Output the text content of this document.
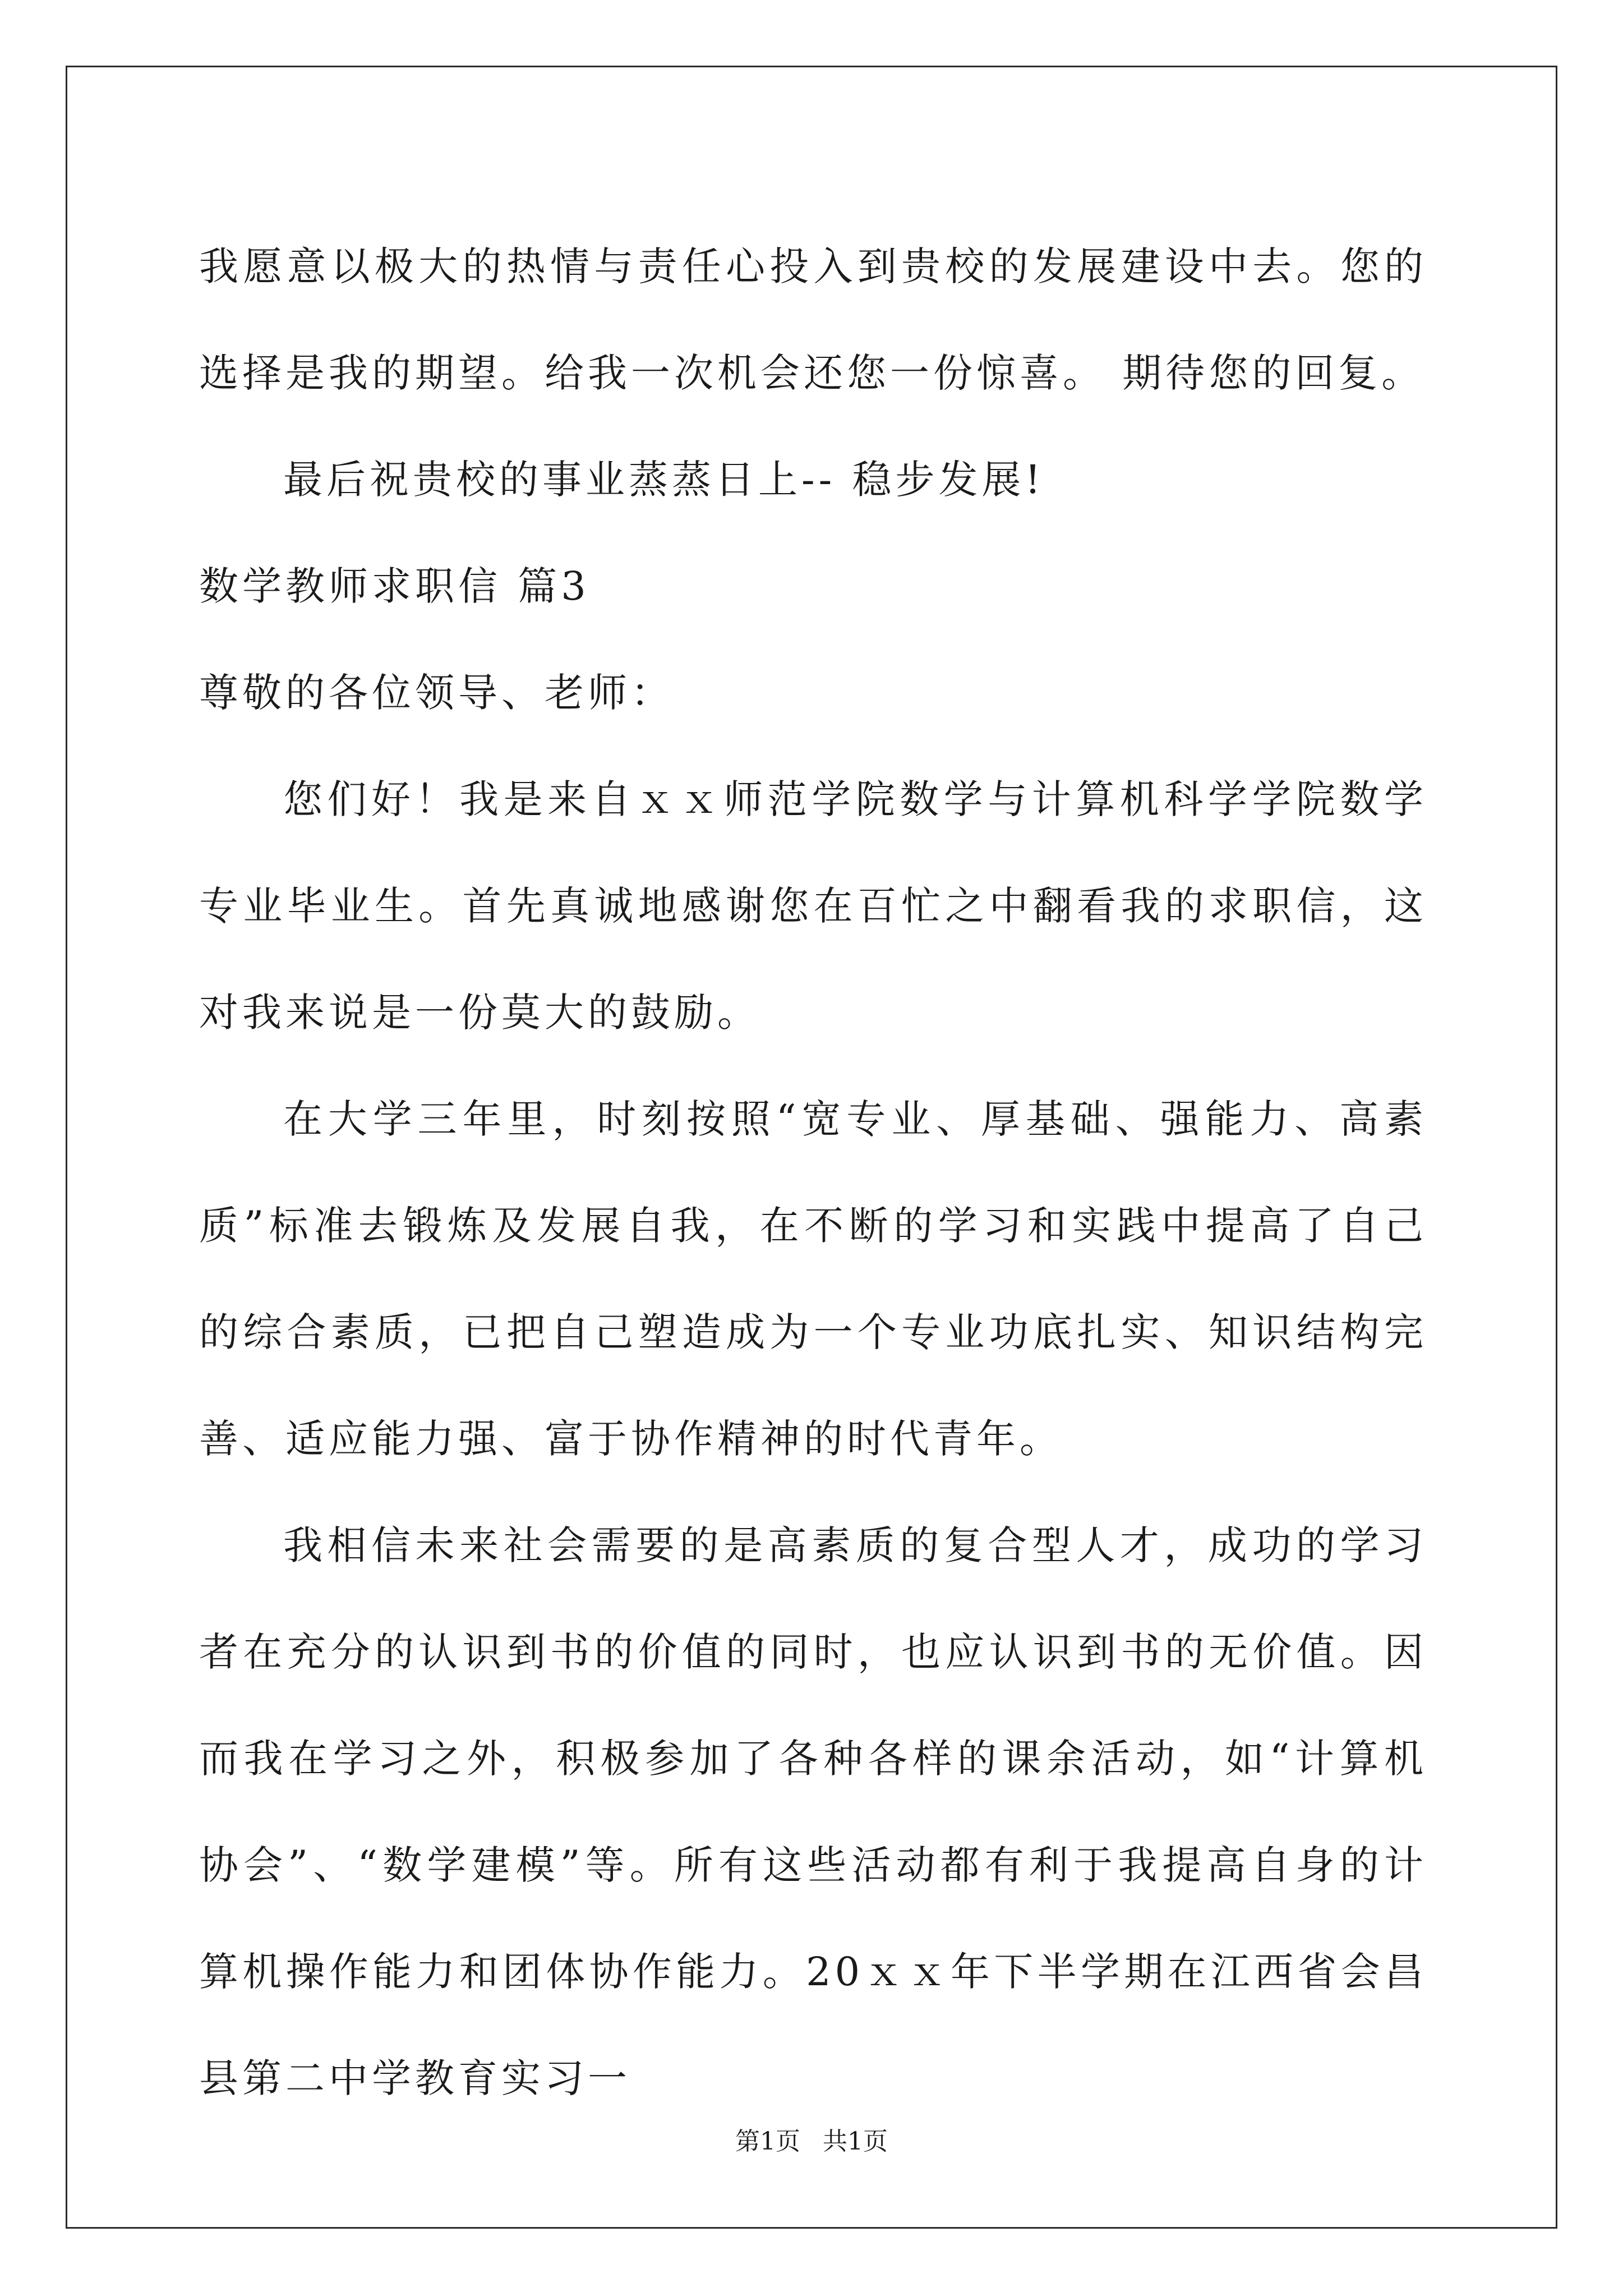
我愿意以极大的热情与责任心投入到贵校的发展建设中去。您的选择是我的期望。给我一次机会还您一份惊喜。 期待您的回复。

最后祝贵校的事业蒸蒸日上-- 稳步发展!

数学教师求职信 篇3

尊敬的各位领导、老师：

您们好！我是来自ｘｘ师范学院数学与计算机科学学院数学专业毕业生。首先真诚地感谢您在百忙之中翻看我的求职信，这对我来说是一份莫大的鼓励。

在大学三年里，时刻按照“宽专业、厚基础、强能力、高素质”标准去锻炼及发展自我，在不断的学习和实践中提高了自己的综合素质，已把自己塑造成为一个专业功底扎实、知识结构完善、适应能力强、富于协作精神的时代青年。

我相信未来社会需要的是高素质的复合型人才，成功的学习者在充分的认识到书的价值的同时，也应认识到书的无价值。因而我在学习之外，积极参加了各种各样的课余活动，如“计算机协会”、“数学建模”等。所有这些活动都有利于我提高自身的计算机操作能力和团体协作能力。20ｘｘ年下半学期在江西省会昌县第二中学教育实习一

第1页 共1页
